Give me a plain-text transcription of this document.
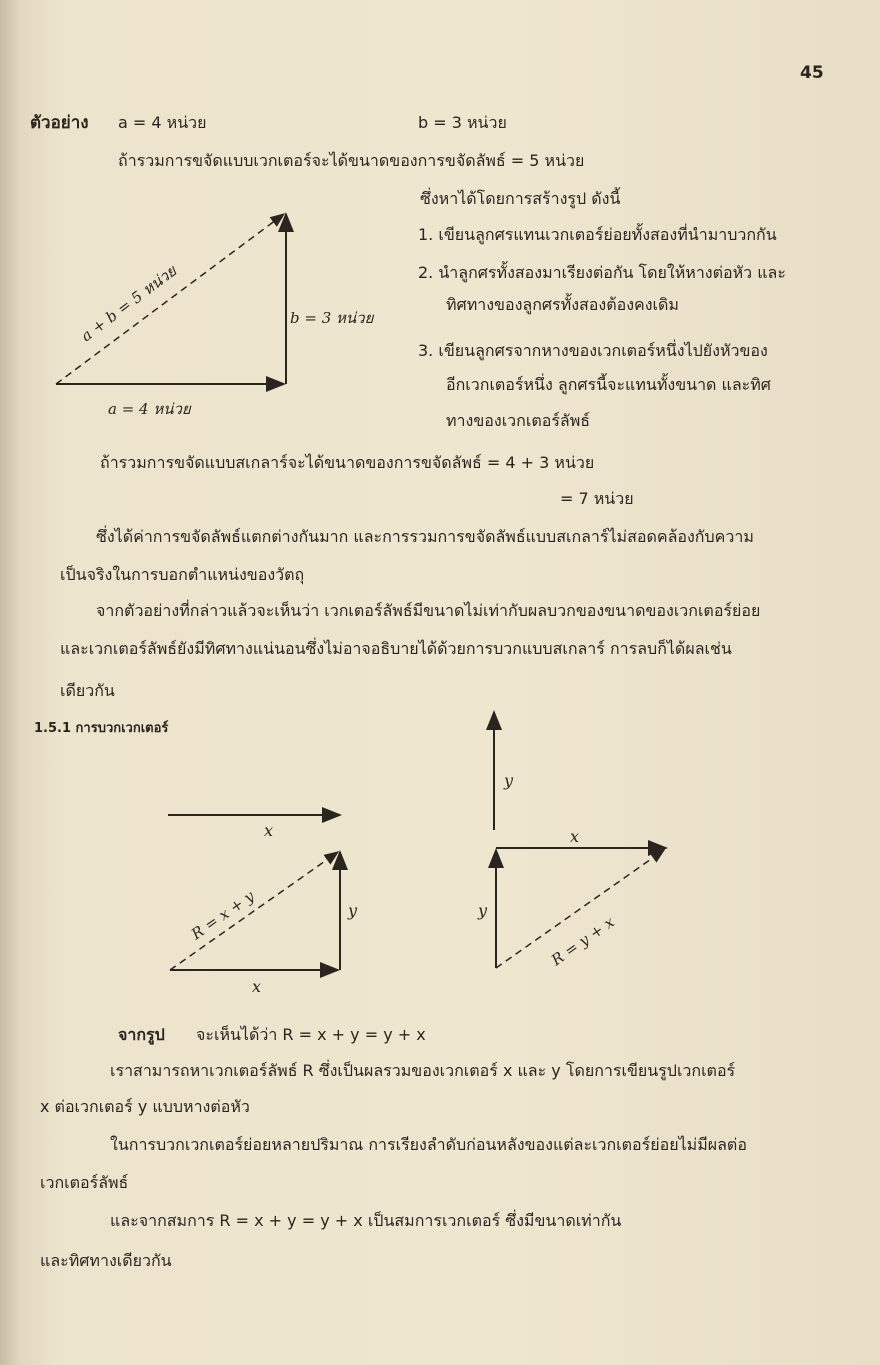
45
ตัวอย่าง a = 4 หน่วย	b = 3 หน่วย
ถ้ารวมการขจัดแบบเวกเตอร์จะได้ขนาดของการขจัดลัพธ์ = 5 หน่วย
ซึ่งหาได้โดยการสร้างรูป ดังนี้
1. เขียนลูกศรแทนเวกเตอร์ย่อยทั้งสองที่นำมาบวกกัน
2. นำลูกศรทั้งสองมาเรียงต่อกัน โดยให้หางต่อหัว และ
ทิศทางของลูกศรทั้งสองต้องคงเดิม
3. เขียนลูกศรจากหางของเวกเตอร์หนึ่งไปยังหัวของ
อีกเวกเตอร์หนึ่ง ลูกศรนี้จะแทนทั้งขนาด และทิศ
ทางของเวกเตอร์ลัพธ์
a + b = 5 หน่วย	b = 3 หน่วย
a = 4 หน่วย
ถ้ารวมการขจัดแบบสเกลาร์จะได้ขนาดของการขจัดลัพธ์ = 4 + 3 หน่วย
= 7 หน่วย
ซึ่งได้ค่าการขจัดลัพธ์แตกต่างกันมาก และการรวมการขจัดลัพธ์แบบสเกลาร์ไม่สอดคล้องกับความ
เป็นจริงในการบอกตำแหน่งของวัตถุ
จากตัวอย่างที่กล่าวแล้วจะเห็นว่า เวกเตอร์ลัพธ์มีขนาดไม่เท่ากับผลบวกของขนาดของเวกเตอร์ย่อย
และเวกเตอร์ลัพธ์ยังมีทิศทางแน่นอนซึ่งไม่อาจอธิบายได้ด้วยการบวกแบบสเกลาร์ การลบก็ได้ผลเช่น
เดียวกัน
1.5.1 การบวกเวกเตอร์
x
x
y
R = x + y
y
y
x
R = y + x
จากรูป จะเห็นได้ว่า R = x + y = y + x
เราสามารถหาเวกเตอร์ลัพธ์ R ซึ่งเป็นผลรวมของเวกเตอร์ x และ y โดยการเขียนรูปเวกเตอร์
x ต่อเวกเตอร์ y แบบหางต่อหัว
ในการบวกเวกเตอร์ย่อยหลายปริมาณ การเรียงลำดับก่อนหลังของแต่ละเวกเตอร์ย่อยไม่มีผลต่อ
เวกเตอร์ลัพธ์
และจากสมการ R = x + y = y + x เป็นสมการเวกเตอร์ ซึ่งมีขนาดเท่ากัน
และทิศทางเดียวกัน
